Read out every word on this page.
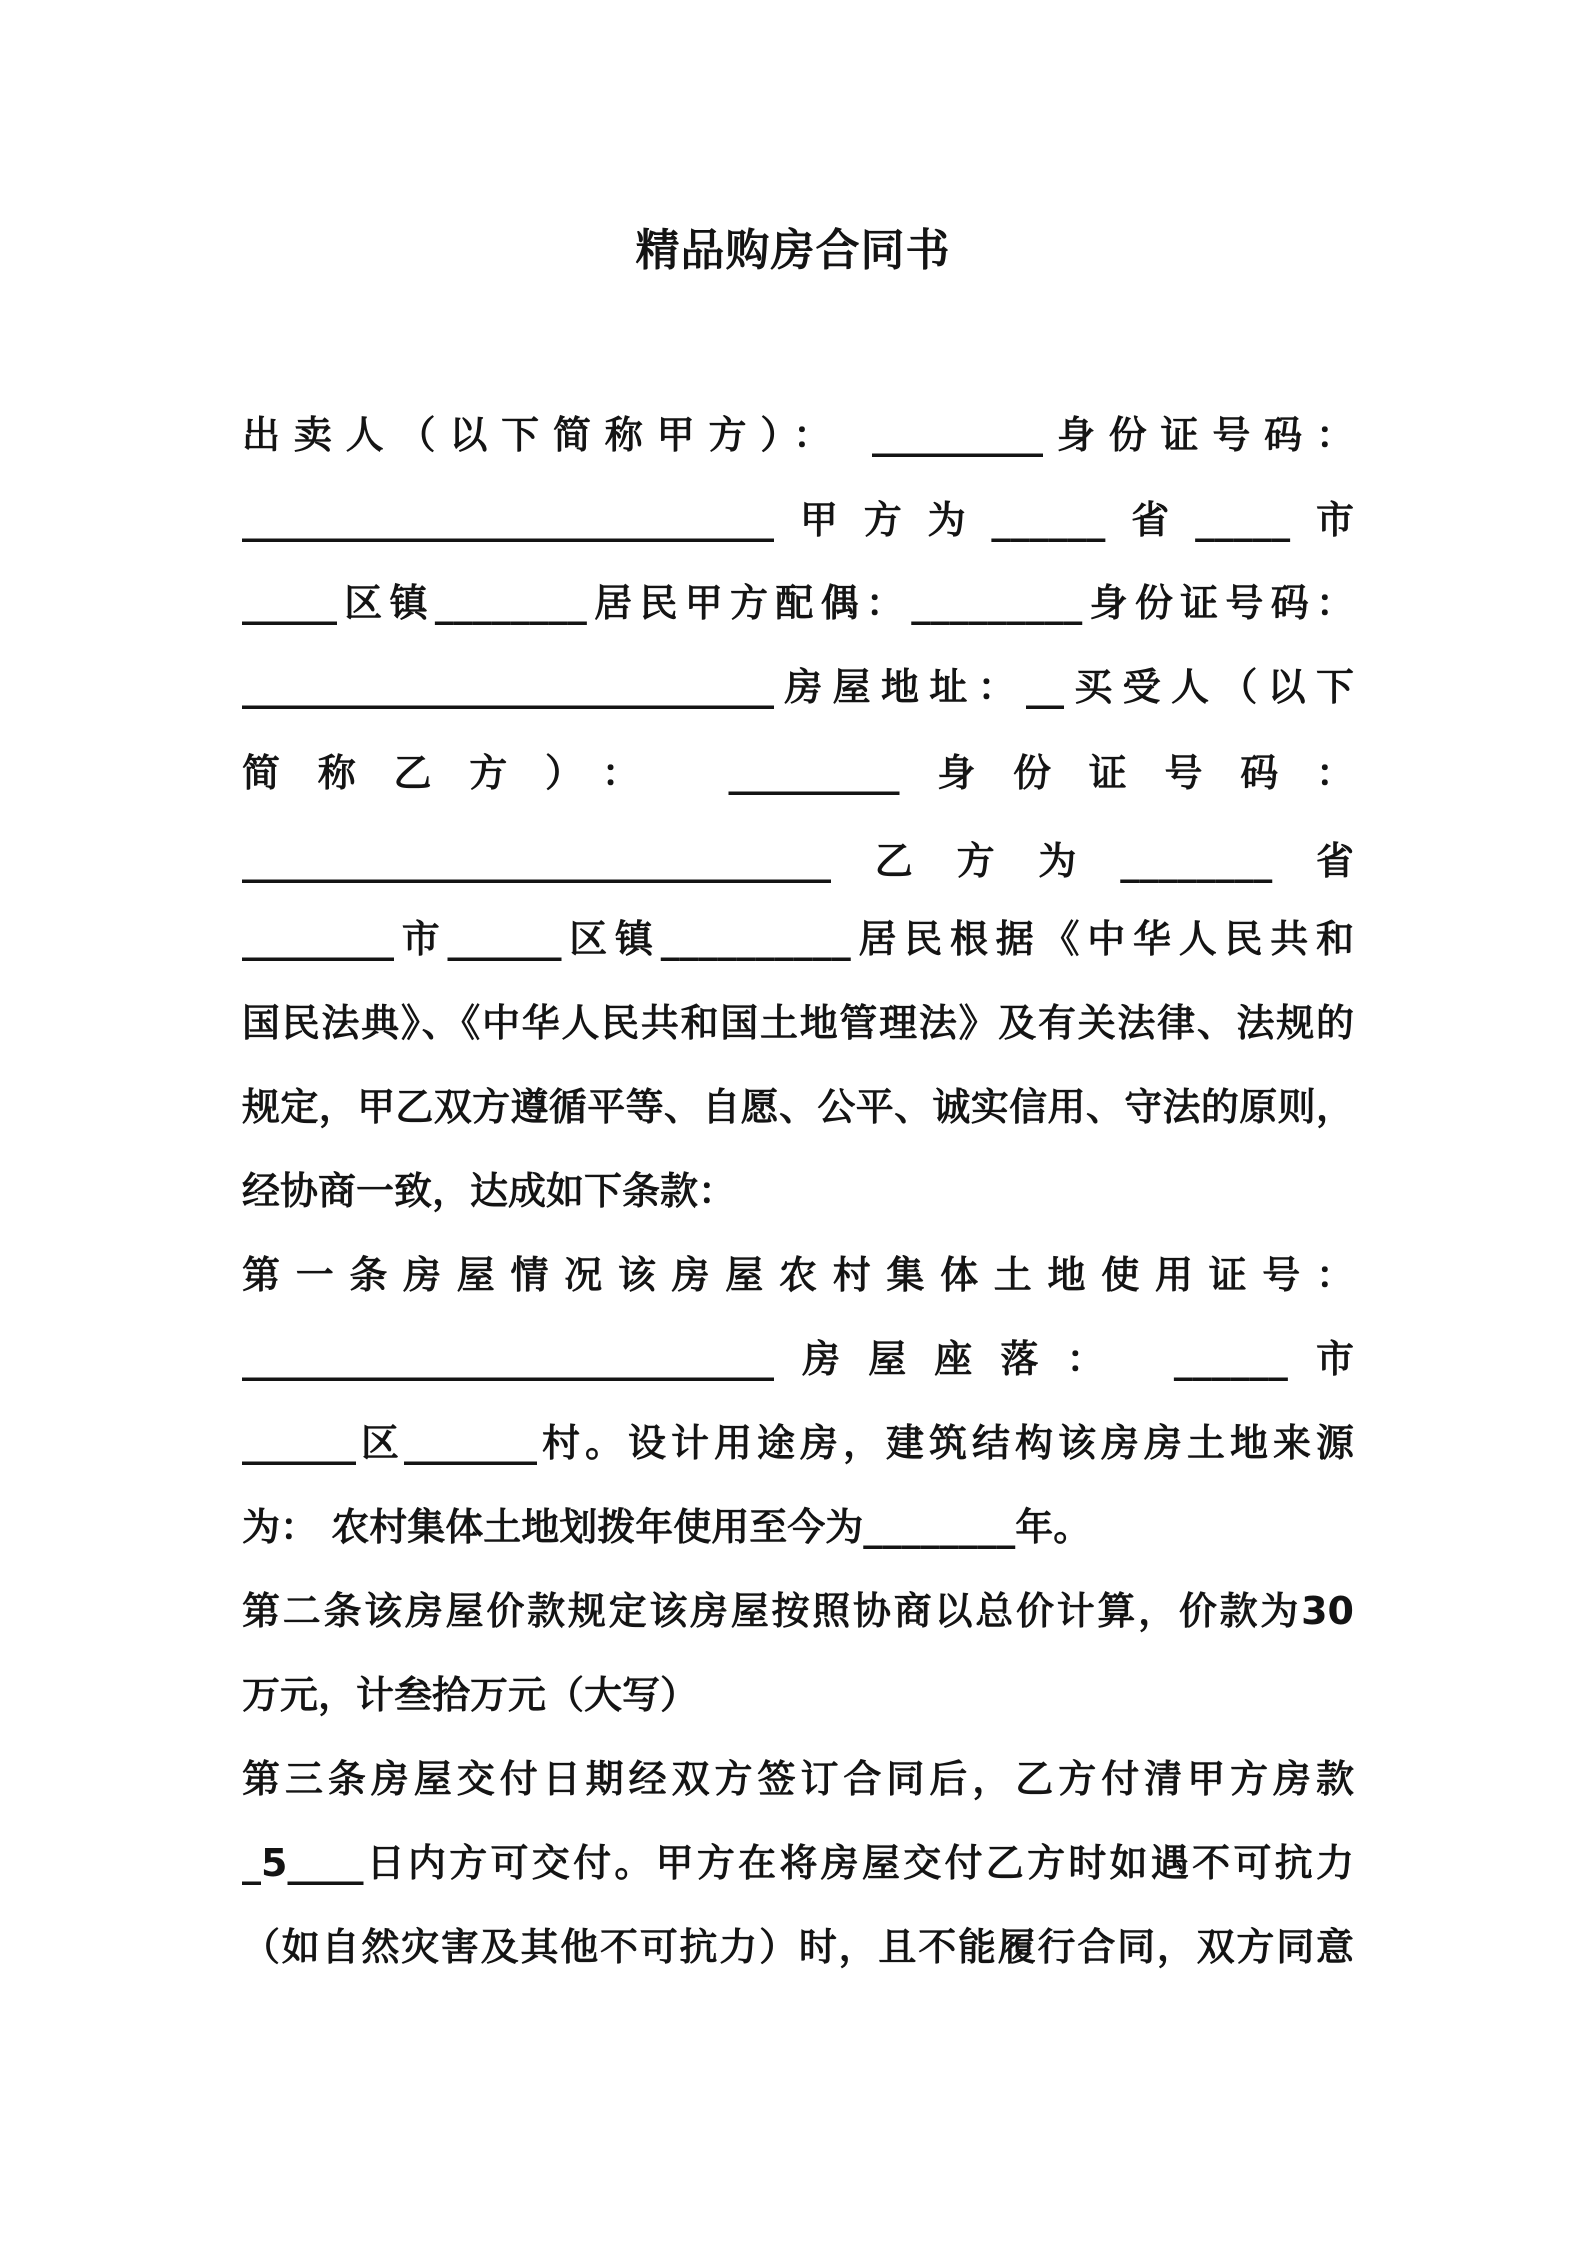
精品购房合同书
出卖人（以下简称甲方）： _________身份证号码：
____________________________甲方为______省_____市
_____区镇________居民甲方配偶：_________身份证号码：
____________________________房屋地址：__买受人（以下
简称乙方）： _________身份证号码：
_______________________________乙方为________省
________市______区镇__________居民根据《中华人民共和
国民法典》、《中华人民共和国土地管理法》及有关法律、法规的
规定，甲乙双方遵循平等、自愿、公平、诚实信用、守法的原则，
经协商一致，达成如下条款：
第一条房屋情况该房屋农村集体土地使用证号：
____________________________房屋座落： ______市
______区_______村。设计用途房，建筑结构该房房土地来源
为： 农村集体土地划拨年使用至今为________年。
第二条该房屋价款规定该房屋按照协商以总价计算，价款为30
万元，计叁拾万元（大写）
第三条房屋交付日期经双方签订合同后，乙方付清甲方房款
_5____日内方可交付。甲方在将房屋交付乙方时如遇不可抗力
（如自然灾害及其他不可抗力）时，且不能履行合同，双方同意
